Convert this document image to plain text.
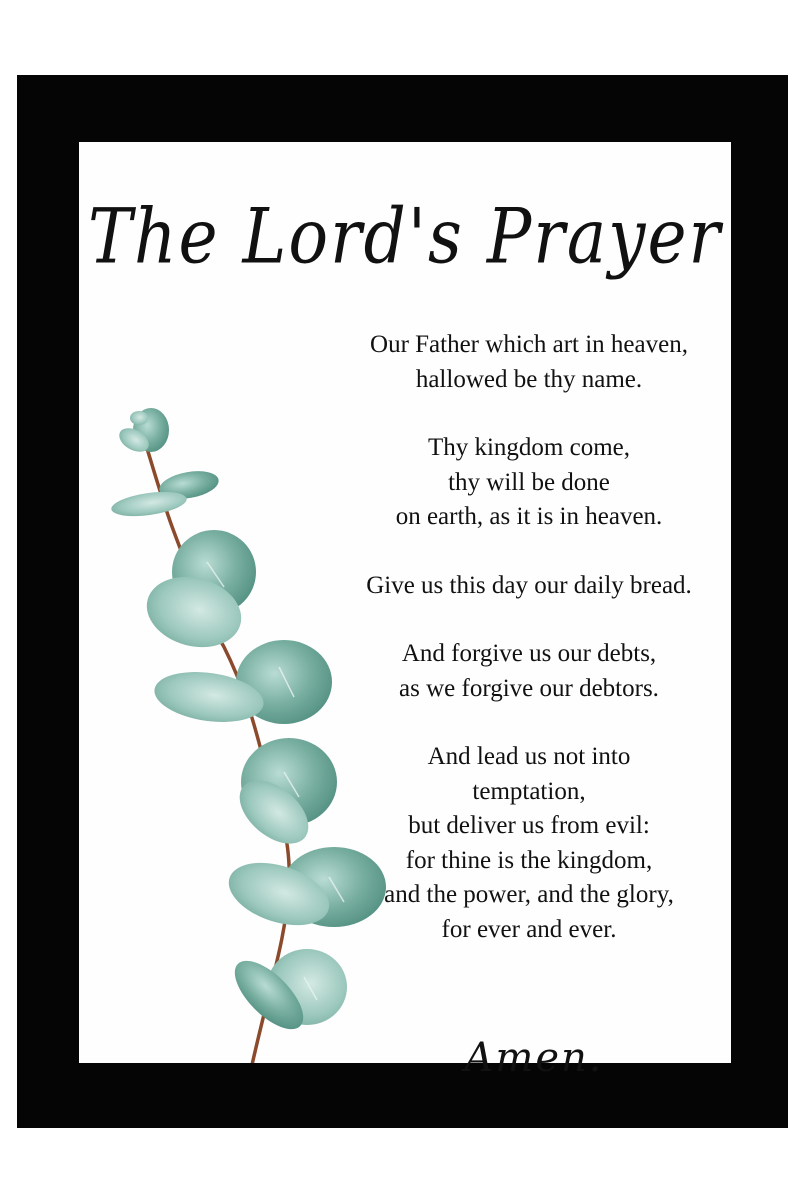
The Lord's Prayer
Our Father which art in heaven,
hallowed be thy name.
Thy kingdom come,
thy will be done
on earth, as it is in heaven.
Give us this day our daily bread.
And forgive us our debts,
as we forgive our debtors.
And lead us not into
temptation,
but deliver us from evil:
for thine is the kingdom,
and the power, and the glory,
for ever and ever.
Amen.
